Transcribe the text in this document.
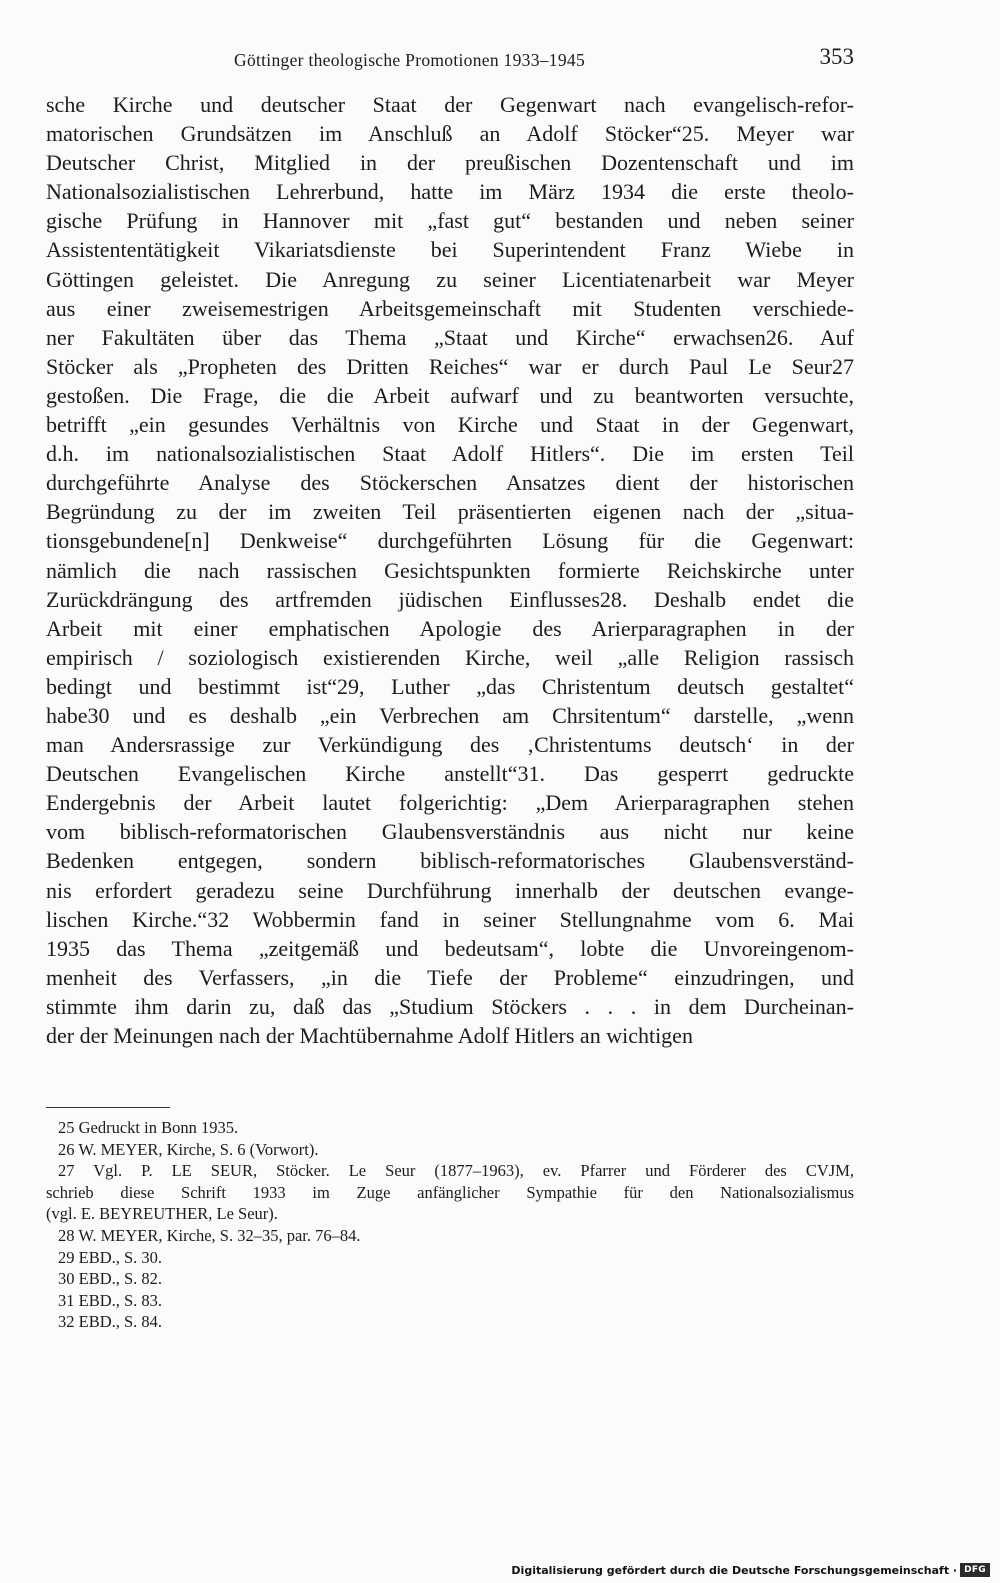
Göttinger theologische Promotionen 1933–1945	353
sche Kirche und deutscher Staat der Gegenwart nach evangelisch-refor-
matorischen Grundsätzen im Anschluß an Adolf Stöcker“25. Meyer war
Deutscher Christ, Mitglied in der preußischen Dozentenschaft und im
Nationalsozialistischen Lehrerbund, hatte im März 1934 die erste theolo-
gische Prüfung in Hannover mit „fast gut“ bestanden und neben seiner
Assistententätigkeit Vikariatsdienste bei Superintendent Franz Wiebe in
Göttingen geleistet. Die Anregung zu seiner Licentiatenarbeit war Meyer
aus einer zweisemestrigen Arbeitsgemeinschaft mit Studenten verschiede-
ner Fakultäten über das Thema „Staat und Kirche“ erwachsen26. Auf
Stöcker als „Propheten des Dritten Reiches“ war er durch Paul Le Seur27
gestoßen. Die Frage, die die Arbeit aufwarf und zu beantworten versuchte,
betrifft „ein gesundes Verhältnis von Kirche und Staat in der Gegenwart,
d.h. im nationalsozialistischen Staat Adolf Hitlers“. Die im ersten Teil
durchgeführte Analyse des Stöckerschen Ansatzes dient der historischen
Begründung zu der im zweiten Teil präsentierten eigenen nach der „situa-
tionsgebundene[n] Denkweise“ durchgeführten Lösung für die Gegenwart:
nämlich die nach rassischen Gesichtspunkten formierte Reichskirche unter
Zurückdrängung des artfremden jüdischen Einflusses28. Deshalb endet die
Arbeit mit einer emphatischen Apologie des Arierparagraphen in der
empirisch / soziologisch existierenden Kirche, weil „alle Religion rassisch
bedingt und bestimmt ist“29, Luther „das Christentum deutsch gestaltet“
habe30 und es deshalb „ein Verbrechen am Chrsitentum“ darstelle, „wenn
man Andersrassige zur Verkündigung des ‚Christentums deutsch‘ in der
Deutschen Evangelischen Kirche anstellt“31. Das gesperrt gedruckte
Endergebnis der Arbeit lautet folgerichtig: „Dem Arierparagraphen stehen
vom biblisch-reformatorischen Glaubensverständnis aus nicht nur keine
Bedenken entgegen, sondern biblisch-reformatorisches Glaubensverständ-
nis erfordert geradezu seine Durchführung innerhalb der deutschen evange-
lischen Kirche.“32 Wobbermin fand in seiner Stellungnahme vom 6. Mai
1935 das Thema „zeitgemäß und bedeutsam“, lobte die Unvoreingenom-
menheit des Verfassers, „in die Tiefe der Probleme“ einzudringen, und
stimmte ihm darin zu, daß das „Studium Stöckers . . . in dem Durcheinan-
der der Meinungen nach der Machtübernahme Adolf Hitlers an wichtigen
25 Gedruckt in Bonn 1935.
26 W. MEYER, Kirche, S. 6 (Vorwort).
27 Vgl. P. LE SEUR, Stöcker. Le Seur (1877–1963), ev. Pfarrer und Förderer des CVJM,
schrieb diese Schrift 1933 im Zuge anfänglicher Sympathie für den Nationalsozialismus
(vgl. E. BEYREUTHER, Le Seur).
28 W. MEYER, Kirche, S. 32–35, par. 76–84.
29 EBD., S. 30.
30 EBD., S. 82.
31 EBD., S. 83.
32 EBD., S. 84.
Digitalisierung gefördert durch die Deutsche Forschungsgemeinschaft · DFG
